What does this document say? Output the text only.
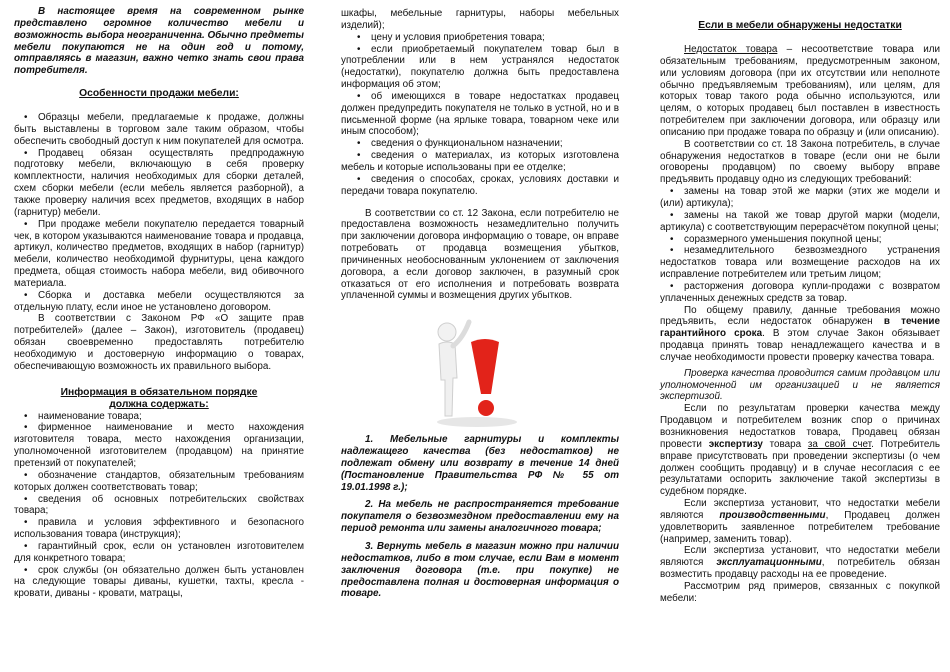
В настоящее время на современном рынке представлено огромное количество мебели и возможность выбора неограниченна. Обычно предметы мебели покупаются не на один год и потому, отправляясь в магазин, важно четко знать свои права потребителя.

Особенности продажи мебели:
• Образцы мебели, предлагаемые к продаже, должны быть выставлены в торговом зале таким образом, чтобы обеспечить свободный доступ к ним покупателей для осмотра.
• Продавец обязан осуществлять предпродажную подготовку мебели, включающую в себя проверку комплектности, наличия необходимых для сборки деталей, схем сборки мебели (если мебель является разборной), а также проверку наличия всех предметов, входящих в набор (гарнитур) мебели.
• При продаже мебели покупателю передается товарный чек, в котором указываются наименование товара и продавца, артикул, количество предметов, входящих в набор (гарнитур) мебели, количество необходимой фурнитуры, цена каждого предмета, общая стоимость набора мебели, вид обивочного материала.
• Сборка и доставка мебели осуществляются за отдельную плату, если иное не установлено договором.

В соответствии с Законом РФ «О защите прав потребителей» (далее – Закон), изготовитель (продавец) обязан своевременно предоставлять потребителю необходимую и достоверную информацию о товарах, обеспечивающую возможность их правильного выбора.

Информация в обязательном порядке
должна содержать:
• наименование товара;
• фирменное наименование и место нахождения изготовителя товара, место нахождения организации, уполномоченной изготовителем (продавцом) на принятие претензий от покупателей;
• обозначение стандартов, обязательным требованиям которых должен соответствовать товар;
• сведения об основных потребительских свойствах товара;
• правила и условия эффективного и безопасного использования товара (инструкция);
• гарантийный срок, если он установлен изготовителем для конкретного товара;
• срок службы (он обязательно должен быть установлен на следующие товары диваны, кушетки, тахты, кресла - кровати, диваны - кровати, матрацы,

шкафы, мебельные гарнитуры, наборы мебельных изделий);

• цену и условия приобретения товара;
• если приобретаемый покупателем товар был в употреблении или в нем устранялся недостаток (недостатки), покупателю должна быть предоставлена информация об этом;
• об имеющихся в товаре недостатках продавец должен предупредить покупателя не только в устной, но и в письменной форме (на ярлыке товара, товарном чеке или иным способом);
• сведения о функциональном назначении;
• сведения о материалах, из которых изготовлена мебель и которые использованы при ее отделке;
• сведения о способах, сроках, условиях доставки и передачи товара покупателю.

В соответствии со ст. 12 Закона, если потребителю не предоставлена возможность незамедлительно получить при заключении договора информацию о товаре, он вправе потребовать от продавца возмещения убытков, причиненных необоснованным уклонением от заключения договора, а если договор заключен, в разумный срок отказаться от его исполнения и потребовать возврата уплаченной суммы и возмещения других убытков.

1. Мебельные гарнитуры и комплекты надлежащего качества (без недостатков) не подлежат обмену или возврату в течение 14 дней (Постановление Правительства РФ № 55 от 19.01.1998 г.);
2. На мебель не распространяется требование покупателя о безвозмездном предоставлении ему на период ремонта или замены аналогичного товара;
3. Вернуть мебель в магазин можно при наличии недостатков, либо в том случае, если Вам в момент заключения договора (т.е. при покупке) не предоставлена полная и достоверная информация о товаре.
Если в мебели обнаружены недостатки

Недостаток товара – несоответствие товара или обязательным требованиям, предусмотренным законом, или условиям договора (при их отсутствии или неполноте обычно предъявляемым требованиям), или целям, для которых товар такого рода обычно используются, или целям, о которых продавец был поставлен в известность потребителем при заключении договора, или образцу или описанию при продаже товара по образцу и (или описанию).

В соответствии со ст. 18 Закона потребитель, в случае обнаружения недостатков в товаре (если они не были оговорены продавцом) по своему выбору вправе предъявить продавцу одно из следующих требований:

• замены на товар этой же марки (этих же модели и (или) артикула);
• замены на такой же товар другой марки (модели, артикула) с соответствующим перерасчётом покупной цены;
• соразмерного уменьшения покупной цены;
• незамедлительного безвозмездного устранения недостатков товара или возмещение расходов на их исправление потребителем или третьим лицом;
• расторжения договора купли-продажи с возвратом уплаченных денежных средств за товар.

По общему правилу, данные требования можно предъявить, если недостаток обнаружен в течение гарантийного срока. В этом случае Закон обязывает продавца принять товар ненадлежащего качества и в случае необходимости провести проверку качества товара.

Проверка качества проводится самим продавцом или уполномоченной им организацией и не является экспертизой.

Если по результатам проверки качества между Продавцом и потребителем возник спор о причинах возникновения недостатков товара, Продавец обязан провести экспертизу товара за свой счет. Потребитель вправе присутствовать при проведении экспертизы (о чем должен сообщить продавцу) и в случае несогласия с ее результатами оспорить заключение такой экспертизы в судебном порядке.

Если экспертиза установит, что недостатки мебели являются производственными, Продавец должен удовлетворить заявленное потребителем требование (например, заменить товар).

Если экспертиза установит, что недостатки мебели являются эксплуатационными, потребитель обязан возместить продавцу расходы на ее проведение.

Рассмотрим ряд примеров, связанных с покупкой мебели:
